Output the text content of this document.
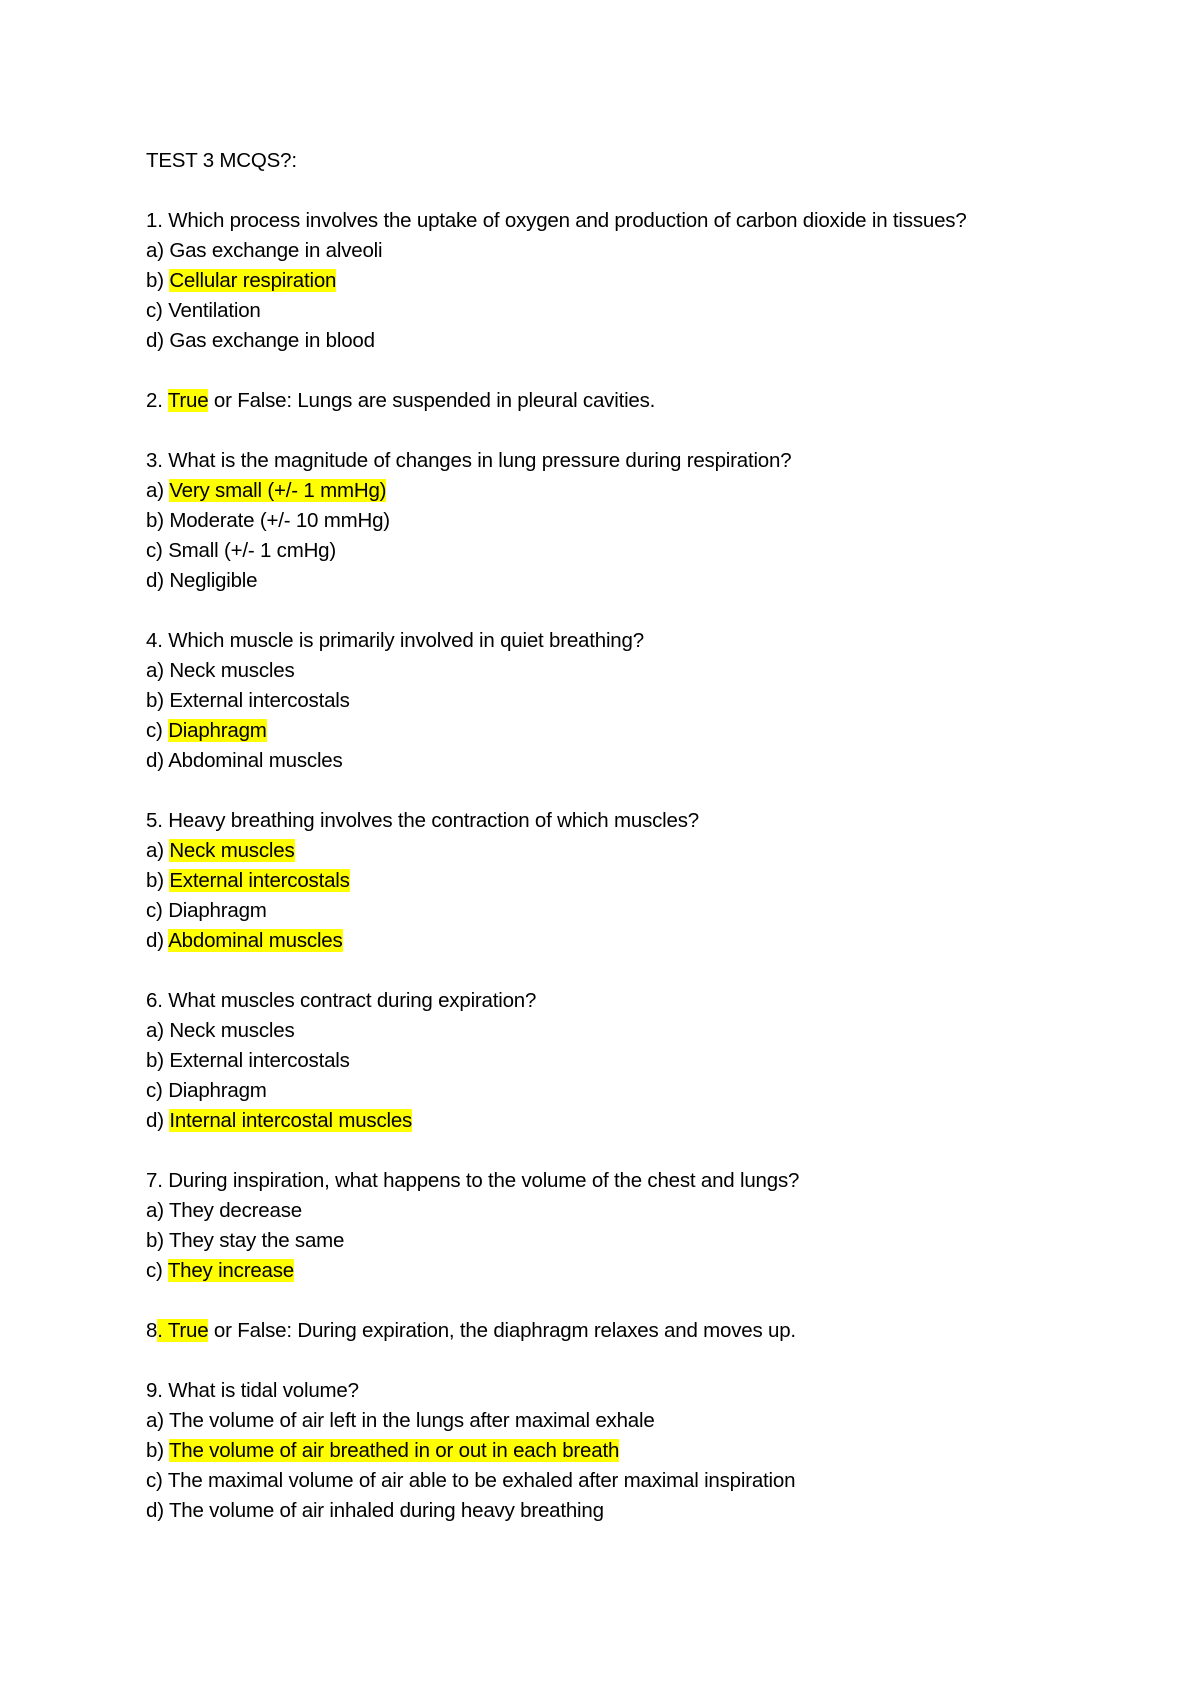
TEST 3 MCQS?:
1. Which process involves the uptake of oxygen and production of carbon dioxide in tissues?
a) Gas exchange in alveoli
b) Cellular respiration
c) Ventilation
d) Gas exchange in blood
2. True or False: Lungs are suspended in pleural cavities.
3. What is the magnitude of changes in lung pressure during respiration?
a) Very small (+/- 1 mmHg)
b) Moderate (+/- 10 mmHg)
c) Small (+/- 1 cmHg)
d) Negligible
4. Which muscle is primarily involved in quiet breathing?
a) Neck muscles
b) External intercostals
c) Diaphragm
d) Abdominal muscles
5. Heavy breathing involves the contraction of which muscles?
a) Neck muscles
b) External intercostals
c) Diaphragm
d) Abdominal muscles
6. What muscles contract during expiration?
a) Neck muscles
b) External intercostals
c) Diaphragm
d) Internal intercostal muscles
7. During inspiration, what happens to the volume of the chest and lungs?
a) They decrease
b) They stay the same
c) They increase
8. True or False: During expiration, the diaphragm relaxes and moves up.
9. What is tidal volume?
a) The volume of air left in the lungs after maximal exhale
b) The volume of air breathed in or out in each breath
c) The maximal volume of air able to be exhaled after maximal inspiration
d) The volume of air inhaled during heavy breathing
